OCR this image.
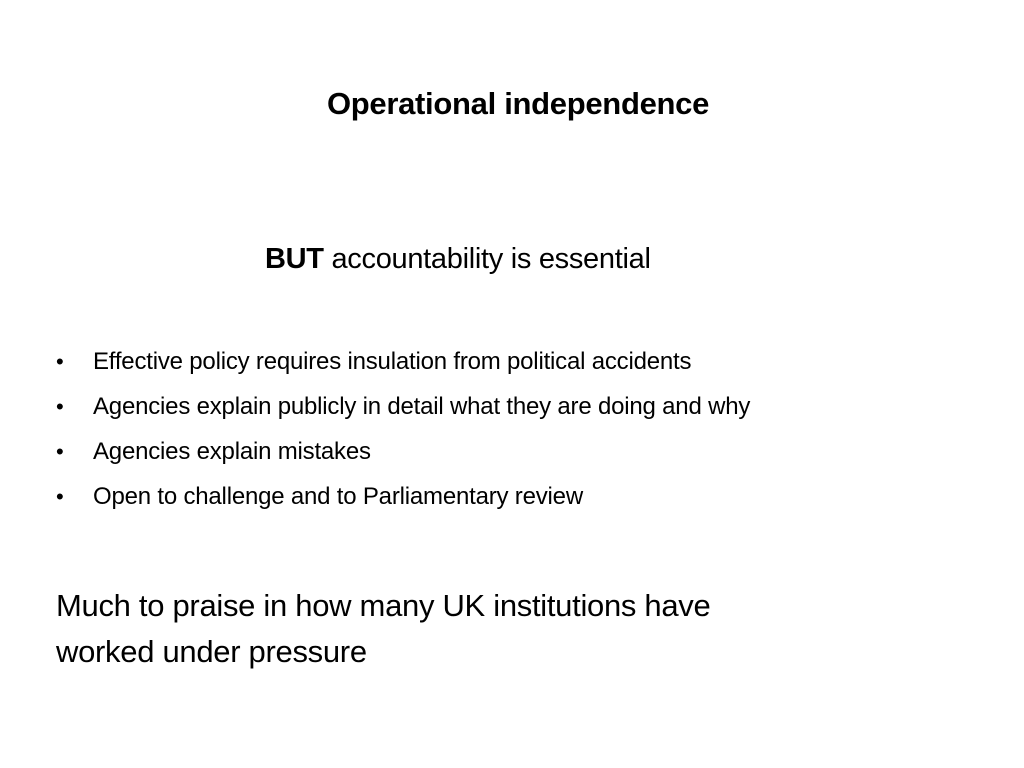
Operational independence
BUT accountability is essential
• Effective policy requires insulation from political accidents
• Agencies explain publicly in detail what they are doing and why
• Agencies explain mistakes
• Open to challenge and to Parliamentary review
Much to praise in how many UK institutions have
worked under pressure
